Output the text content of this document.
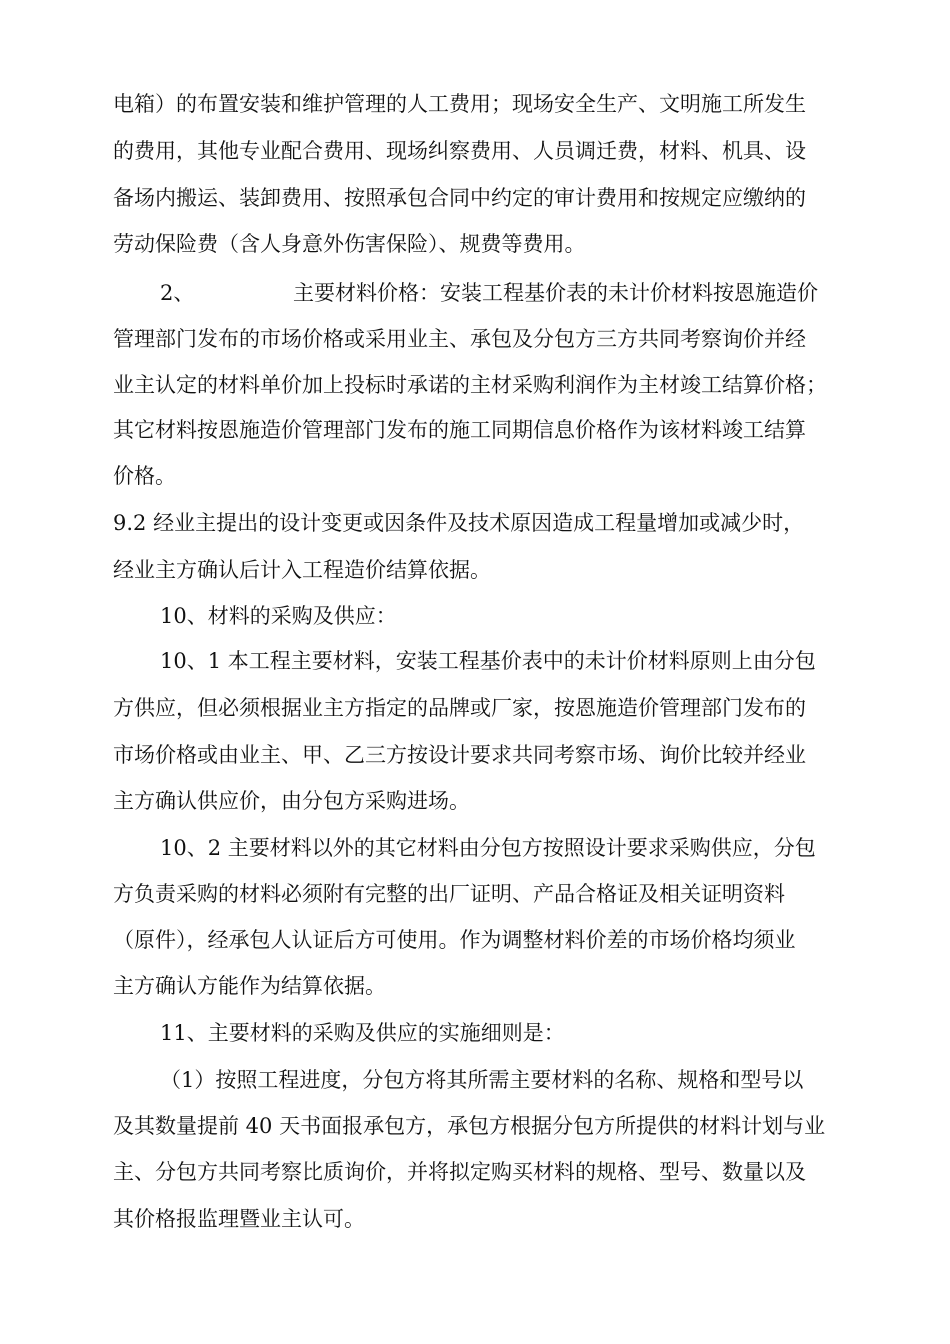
电箱）的布置安装和维护管理的人工费用；现场安全生产、文明施工所发生
的费用，其他专业配合费用、现场纠察费用、人员调迁费，材料、机具、设
备场内搬运、装卸费用、按照承包合同中约定的审计费用和按规定应缴纳的
劳动保险费（含人身意外伤害保险）、规费等费用。
2、	主要材料价格：安装工程基价表的未计价材料按恩施造价
管理部门发布的市场价格或采用业主、承包及分包方三方共同考察询价并经
业主认定的材料单价加上投标时承诺的主材采购利润作为主材竣工结算价格；
其它材料按恩施造价管理部门发布的施工同期信息价格作为该材料竣工结算
价格。
9.2 经业主提出的设计变更或因条件及技术原因造成工程量增加或减少时，
经业主方确认后计入工程造价结算依据。
10、材料的采购及供应：
10、1 本工程主要材料，安装工程基价表中的未计价材料原则上由分包
方供应，但必须根据业主方指定的品牌或厂家，按恩施造价管理部门发布的
市场价格或由业主、甲、乙三方按设计要求共同考察市场、询价比较并经业
主方确认供应价，由分包方采购进场。
10、2 主要材料以外的其它材料由分包方按照设计要求采购供应，分包
方负责采购的材料必须附有完整的出厂证明、产品合格证及相关证明资料
（原件），经承包人认证后方可使用。作为调整材料价差的市场价格均须业
主方确认方能作为结算依据。
11、主要材料的采购及供应的实施细则是：
（1）按照工程进度，分包方将其所需主要材料的名称、规格和型号以
及其数量提前 40 天书面报承包方，承包方根据分包方所提供的材料计划与业
主、分包方共同考察比质询价，并将拟定购买材料的规格、型号、数量以及
其价格报监理暨业主认可。
